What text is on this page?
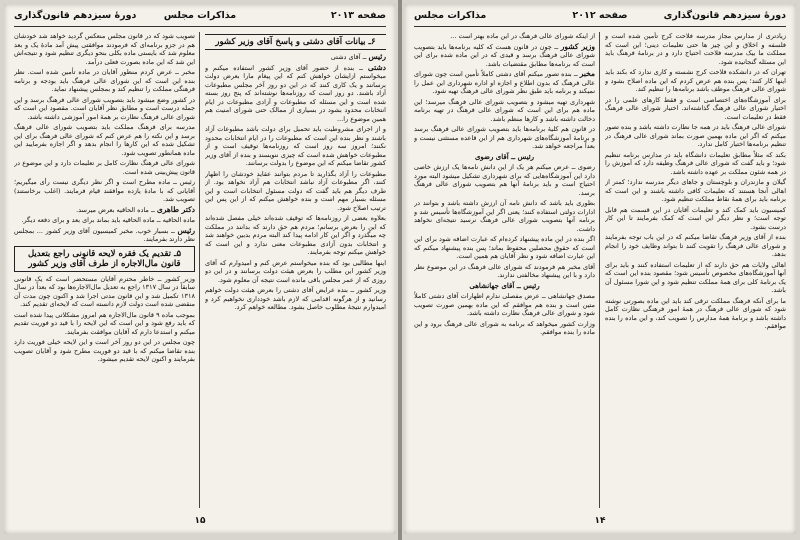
صفحه ۲۰۱۳
مذاکرات مجلس
دورهٔ سیزدهم قانون‌گذاری
۶ـ بیانات آقای دشتی و پاسخ آقای وزیر کشور

رئیس ــ آقای دشتی

دشتی ــ بنده از حضور آقای وزیر کشور استفاده میکنم و میخواستم ازایشان خواهش کنم که این پیغام مارا بعرض دولت برسانند و یک کاری کنند که در این دو روز آخر مجلس مطبوعات آزاد باشند. دو روز است که روزنامه‌ها نوشته‌اند که پنج روز بسته شده است و این مسئله که مطبوعات و آزادی مطبوعات در ایام انتخابات محدود بشود در بسیاری از ممالک حتی شورای امنیت هم همین موضوع را...

و از اجرای مشروطیت باید تحمیل برای دولت باشد مطبوعات آزاد باشند و نظر بنده این است که مطبوعات را در ایام انتخابات محدود نکنند؛ امروز سه روز است که روزنامه‌ها توقیف است و از مطبوعات خواهش شده است که چیزی ننویسند و بنده از آقای وزیر کشور تقاضا میکنم که این موضوع را بدولت برسانند.

مطبوعات را آزاد بگذارید تا مردم بتوانند عقاید خودشان را اظهار کنند، اگر مطبوعات آزاد نباشد انتخابات هم آزاد نخواهد بود. از طرف دیگر هم باید گفت که دولت مسئول انتخابات است و این مسئله بسیار مهم است و بنده خواهش میکنم که از این پس این ترتیب اصلاح شود.

بعلاوه بعضی از روزنامه‌ها که توقیف شده‌اند خیلی مفصل شده‌اند که این را بعرض برسانم؛ مردم هم حق دارند که بدانند در مملکت چه میگذرد و اگر این کار ادامه پیدا کند البته مردم بدبین خواهند شد و انتخابات بدون آزادی مطبوعات معنی ندارد و این است که خواهش میکنم توجه بفرمایند.

اینها مطالبی بود که بنده میخواستم عرض کنم و امیدوارم که آقای وزیر کشور این مطلب را بعرض هیئت دولت برسانند و در این دو روزی که از عمر مجلس باقی مانده است نتیجه آن معلوم شود.

وزیر کشور ــ بنده عرایض آقای دشتی را بعرض هیئت دولت خواهم رسانید و از هرگونه اقدامی که لازم باشد خودداری نخواهیم کرد و امیدوارم نتیجهٔ مطلوب حاصل بشود. مطالعه خواهم کرد.

تصویب شود که در قانون مجلس منعکس گردید خواهد شد خودشان هم در جزو برنامه‌ای که فرمودند موافقتی پیش آمد مادهٔ یک و بعد معلوم شد که بایستی ماده بکلی بنحو دیگری تنظیم شود و نتیجه‌اش این شد که این ماده بصورت فعلی درآمد.

مخبر ــ عرض کردم منظور آقایان در ماده تأمین شده است. نظر بنده این است که این شورای عالی فرهنگ باید بودجه و برنامه فرهنگی مملکت را تنظیم کند و بمجلس پیشنهاد نماید.

در کشور وضع میشود باید بتصویب شورای عالی فرهنگ برسد و این جمله درست است و مطابق نظر آقایان است. مقصود این است که شورای عالی فرهنگ نظارت بر همهٔ امور آموزشی داشته باشد.

مدرسه برای فرهنگ مملکت باید بتصویب شورای عالی فرهنگ برسد و این نکته را هم عرض کنم که شورای عالی فرهنگ برای این تشکیل شده که این کارها را انجام بدهد و اگر اجازه بفرمایید این ماده همانطور تصویب شود.

شورای عالی فرهنگ نظارت کامل بر تعلیمات دارد و این موضوع در قانون پیش‌بینی شده است.

رئیس ــ ماده مطرح است و اگر نظر دیگری نیست رأی میگیریم؛ آقایانی که با مادهٔ یازده موافقند قیام فرمایند. (اغلب برخاستند) تصویب شد.

دکتر طاهری ــ ماده الحاقیه بعرض میرسد.

ماده الحاقیه ــ ماده الحاقیه باید بماند برای بعد و برای دفعه دیگر.

رئیس ــ بسیار خوب. مخبر کمیسیون آقای وزیر کشور ... بمجلس نظر دارند بفرمایند.

۵ـ تقدیم یک فقره لایحه قانونی راجع بتعدیل قانون مال‌الاجاره از طرف آقای وزیر کشور

وزیر کشور ــ خاطر محترم آقایان مستحضر است که یک قانونی سابقاً در سال ۱۳۱۷ راجع به تعدیل مال‌الاجاره‌ها بود که بعداً در سال ۱۳۱۸ تکمیل شد و این قانون مدتی اجرا شد و اکنون چون مدت آن منقضی شده است دولت لازم دانسته است که لایحه‌ای تقدیم کند.

بموجب ماده ۹ قانون مال‌الاجاره هم امروز مشکلاتی پیدا شده است که باید رفع شود و این است که این لایحه را با قید دو فوریت تقدیم میکنم و استدعا دارم که آقایان موافقت بفرمایند.

چون مجلس در این دو روز آخر است و این لایحه خیلی فوریت دارد بنده تقاضا میکنم که با قید دو فوریت مطرح شود و آقایان تصویب بفرمایند و اکنون لایحه تقدیم میشود.

۱۵
دورهٔ سیزدهم قانون‌گذاری
صفحه ۲۰۱۲
مذاکرات مجلس

زیادتری از مدارس مجاز مدرسه فلاحت کرج تأمین شده است و فلسفه و اخلاق و این چیز ها حتی تعلیمات دینی؛ این است که مملکت ما بیک مدرسه فلاحت احتیاج دارد و در برنامهٔ فرهنگ باید این مسئله گنجانیده شود.

تهران که در دانشکده فلاحت کرج نشسته و کاری ندارد که بکند باید اینها کار کنند؛ پس بنده هم عرض کردم که این ماده اصلاح بشود و شورای عالی فرهنگ موظف باشد برنامه‌ها را تنظیم کند.

برای آموزشگاه‌های اختصاصی است و فقط کارهای علمی را در اختیار شورای عالی فرهنگ گذاشته‌اند. اختیار شورای عالی فرهنگ فقط در تعلیمات است.

شورای عالی فرهنگ باید در همه جا نظارت داشته باشد و بنده تصور میکنم که اگر این ماده بهمین صورت بماند شورای عالی فرهنگ در تنظیم برنامه‌ها اختیار کامل ندارد.

بکند که مثلاً مطابق تعلیمات دانشگاه باید در مدارس برنامه تنظیم شود؛ و باید گفت که شورای عالی فرهنگ وظیفه دارد که آموزش را در همه شئون مملکت بر عهده داشته باشد.

گیلان و مازندران و بلوچستان و جاهای دیگر مدرسه ندارد؛ کمتر از اهالی آنجا هستند که تعلیمات کافی داشته باشند و این است که برنامه باید برای همهٔ نقاط مملکت تنظیم شود.

کمیسیون باید کمک کند و تعلیمات آقایان در این قسمت هم قابل توجه است؛ و نظر دیگر این است که کمک بفرمایند تا این کار درست بشود.

بنده از آقای وزیر فرهنگ تقاضا میکنم که در این باب توجه بفرمایند و شورای عالی فرهنگ را تقویت کنند تا بتواند وظایف خود را انجام بدهد.

اهالی ولایات هم حق دارند که از تعلیمات استفاده کنند و باید برای آنها آموزشگاه‌های مخصوص تأسیس شود؛ مقصود بنده این است که یک برنامهٔ کلی برای همهٔ مملکت تنظیم شود و این شورا مسئول آن باشد.

ما برای آنکه فرهنگ مملکت ترقی کند باید این ماده بصورتی نوشته شود که شورای عالی فرهنگ در همهٔ امور فرهنگی نظارت کامل داشته باشد و برنامهٔ همهٔ مدارس را تصویب کند، و این ماده را بنده موافقم.

از اینکه شورای عالی فرهنگ در این ماده بهتر است ...

وزیر کشور ــ چون در قانون هست که کلیه برنامه‌ها باید بتصویب شورای عالی فرهنگ برسد و قیدی که در این ماده شده برای این است که برنامه‌ها مطابق مقتضیات باشد.

مخبر ــ بنده تصور میکنم آقای دشتی کاملاً تأمین است چون شورای عالی فرهنگ که بدون اطلاع و اجازه او اداره شهرداری این عمل را نمیکند و برنامه باید طبق نظر شورای عالی فرهنگ تهیه شود.

شهرداری تهیه میشود و بتصویب شورای عالی فرهنگ میرسد؛ این ماده هم برای این است که شورای عالی فرهنگ در تهیه برنامه دخالت داشته باشد و کارها منظم باشد.

در قانون هم کلیهٔ برنامه‌ها باید بتصویب شورای عالی فرهنگ برسد و برنامهٔ آموزشگاه‌های شهرداری هم از این قاعده مستثنی نیست و بعداً مراجعه خواهد شد.

رئیس ــ آقای رضوی

رضوی ــ عرض میکنم هر یک از این دانش نامه‌ها یک ارزش خاصی دارد این آموزشگاه‌هایی که برای شهرداری تشکیل میشود البته مورد احتیاج است و باید برنامهٔ آنها هم بتصویب شورای عالی فرهنگ برسد.

بطوری باید باشد که دانش نامه آن ارزش داشته باشد و بتوانند در ادارات دولتی استفاده کنند؛ یعنی اگر این آموزشگاه‌ها تأسیس شد و برنامه آنها بتصویب شورای عالی فرهنگ نرسید نتیجه‌ای نخواهد داشت.

اگر بنده در این ماده پیشنهاد کرده‌ام که عبارت اضافه شود برای این است که حقوق محصلین محفوظ بماند؛ پس بنده پیشنهاد میکنم که این عبارت اضافه شود و نظر آقایان هم همین است.

آقای مخبر هم فرمودند که شورای عالی فرهنگ در این موضوع نظر دارد و با این پیشنهاد مخالفتی ندارند.

رئیس ــ آقای جهانشاهی

مصدق جهانشاهی ــ عرض مفصلی ندارم اظهارات آقای دشتی کاملاً متین است و بنده هم موافقم که این ماده بهمین صورت تصویب شود و شورای عالی فرهنگ نظارت داشته باشد.

وزارت کشور میخواهد که برنامه به شورای عالی فرهنگ برود و این ماده را بنده موافقم.

۱۴
